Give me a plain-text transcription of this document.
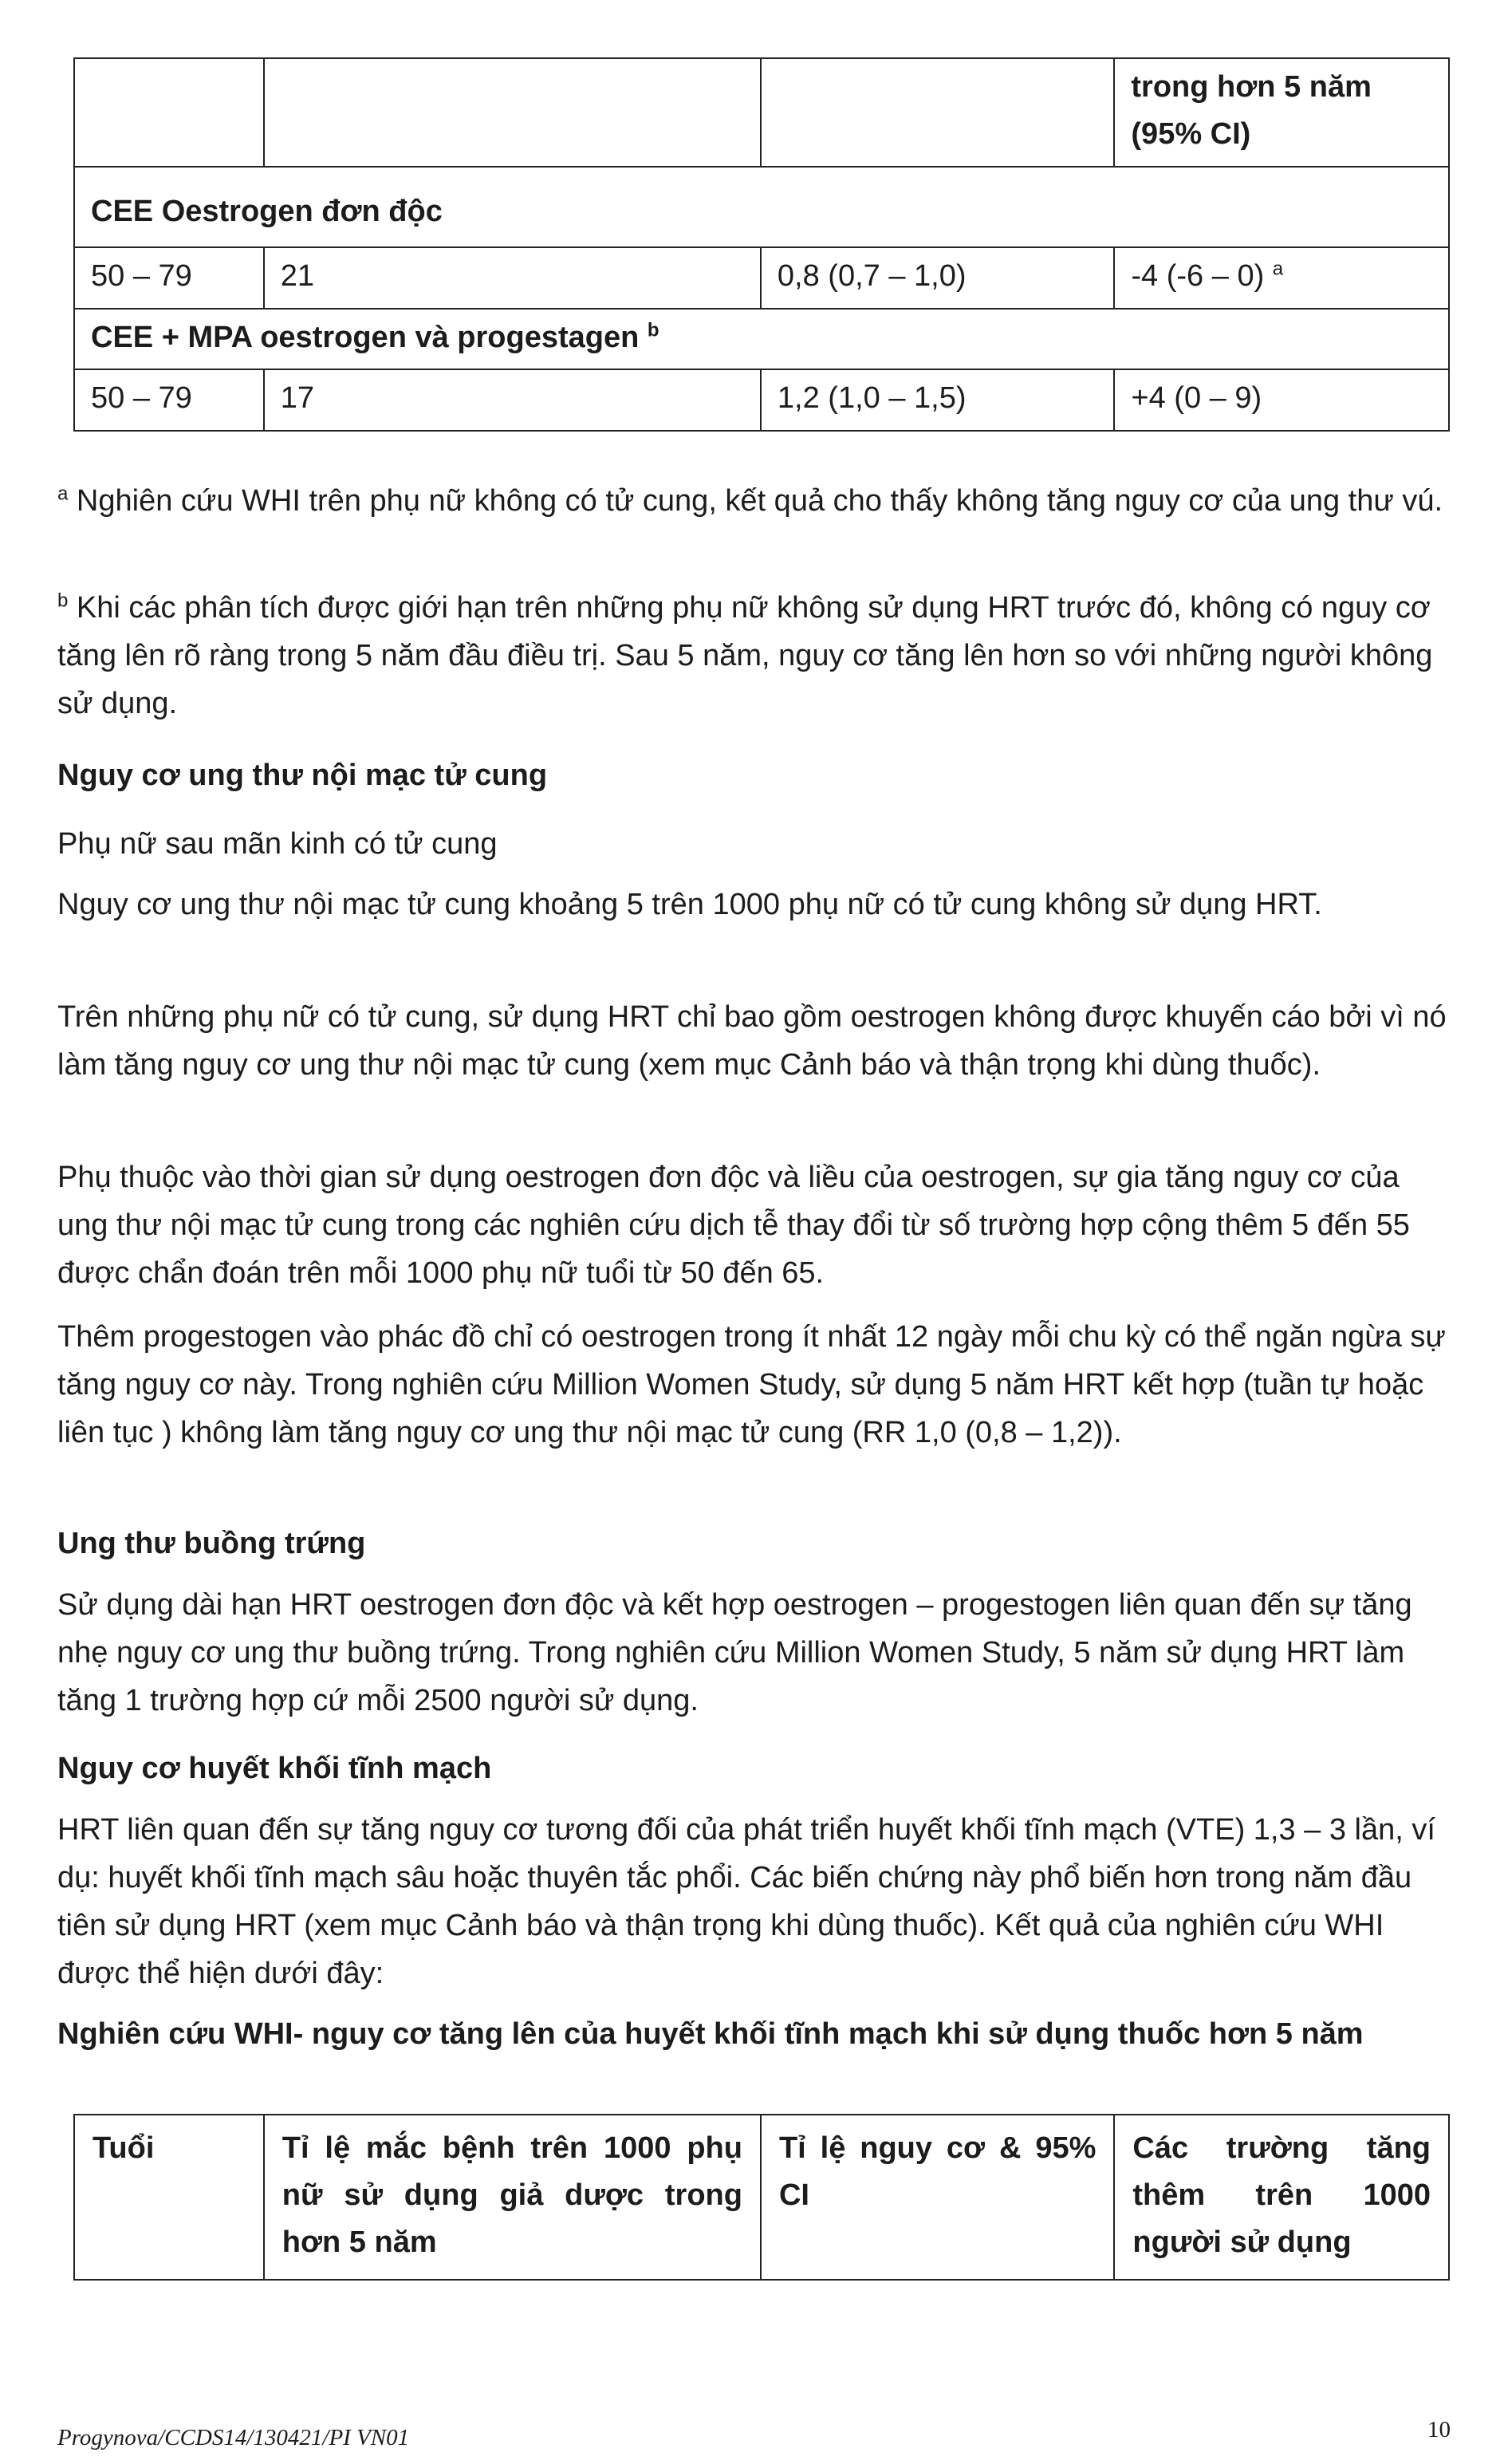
			trong hơn 5 năm (95% CI)
CEE Oestrogen đơn độc			
50 – 79	21	0,8 (0,7 – 1,0)	-4 (-6 – 0) $^a$
CEE + MPA oestrogen và progestagen $^b$
50 – 79	17	1,2 (1,0 – 1,5)	+4 (0 – 9)
$^a$ Nghiên cứu WHI trên phụ nữ không có tử cung, kết quả cho thấy không tăng nguy cơ của ung thư vú.
$^b$ Khi các phân tích được giới hạn trên những phụ nữ không sử dụng HRT trước đó, không có nguy cơ tăng lên rõ ràng trong 5 năm đầu điều trị. Sau 5 năm, nguy cơ tăng lên hơn so với những người không sử dụng.
Nguy cơ ung thư nội mạc tử cung
Phụ nữ sau mãn kinh có tử cung
Nguy cơ ung thư nội mạc tử cung khoảng 5 trên 1000 phụ nữ có tử cung không sử dụng HRT.
Trên những phụ nữ có tử cung, sử dụng HRT chỉ bao gồm oestrogen không được khuyến cáo bởi vì nó làm tăng nguy cơ ung thư nội mạc tử cung (xem mục Cảnh báo và thận trọng khi dùng thuốc).
Phụ thuộc vào thời gian sử dụng oestrogen đơn độc và liều của oestrogen, sự gia tăng nguy cơ của ung thư nội mạc tử cung trong các nghiên cứu dịch tễ thay đổi từ số trường hợp cộng thêm 5 đến 55 được chẩn đoán trên mỗi 1000 phụ nữ tuổi từ 50 đến 65.
Thêm progestogen vào phác đồ chỉ có oestrogen trong ít nhất 12 ngày mỗi chu kỳ có thể ngăn ngừa sự tăng nguy cơ này. Trong nghiên cứu Million Women Study, sử dụng 5 năm HRT kết hợp (tuần tự hoặc liên tục ) không làm tăng nguy cơ ung thư nội mạc tử cung (RR 1,0 (0,8 – 1,2)).
Ung thư buồng trứng
Sử dụng dài hạn HRT oestrogen đơn độc và kết hợp oestrogen – progestogen liên quan đến sự tăng nhẹ nguy cơ ung thư buồng trứng. Trong nghiên cứu Million Women Study, 5 năm sử dụng HRT làm tăng 1 trường hợp cứ mỗi 2500 người sử dụng.
Nguy cơ huyết khối tĩnh mạch
HRT liên quan đến sự tăng nguy cơ tương đối của phát triển huyết khối tĩnh mạch (VTE) 1,3 – 3 lần, ví dụ: huyết khối tĩnh mạch sâu hoặc thuyên tắc phổi. Các biến chứng này phổ biến hơn trong năm đầu tiên sử dụng HRT (xem mục Cảnh báo và thận trọng khi dùng thuốc). Kết quả của nghiên cứu WHI được thể hiện dưới đây:
Nghiên cứu WHI- nguy cơ tăng lên của huyết khối tĩnh mạch khi sử dụng thuốc hơn 5 năm
Tuổi	Tỉ lệ mắc bệnh trên 1000 phụ nữ sử dụng giả dược trong hơn 5 năm	Tỉ lệ nguy cơ & 95% CI	Các trường tăng thêm trên 1000 người sử dụng
Progynova/CCDS14/130421/PI VN01	10
